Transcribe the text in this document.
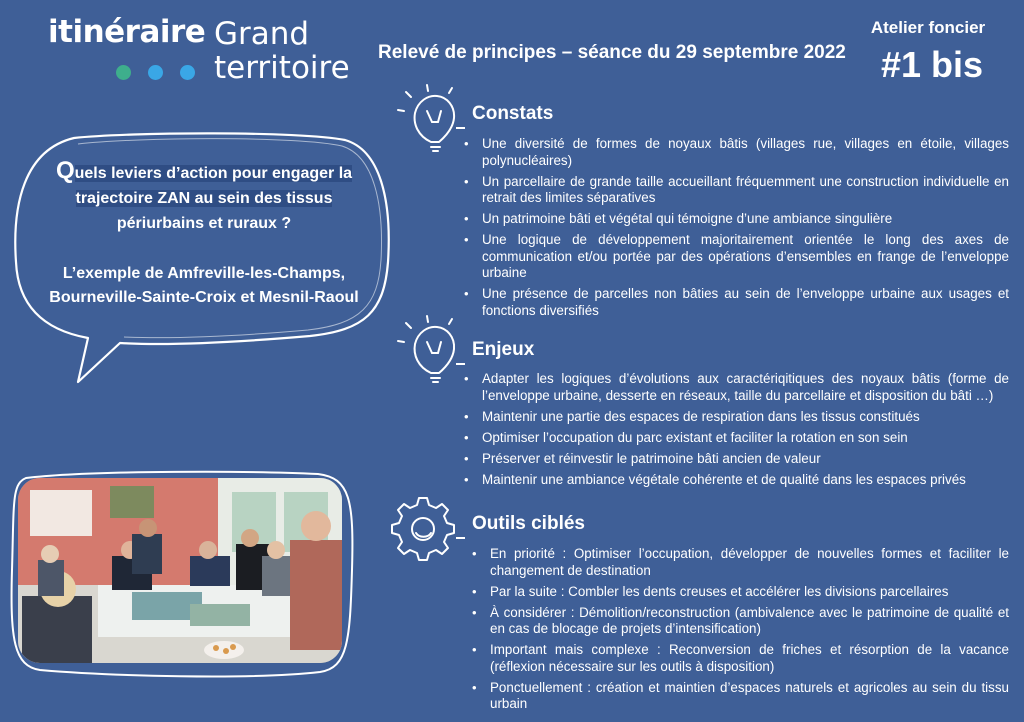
itinéraire Grand
territoire Relevé de principes – séance du 29 septembre 2022
Atelier foncier
#1 bis
Quels leviers d’action pour engager la
trajectoire ZAN au sein des tissus
périurbains et ruraux ?
L’exemple de Amfreville-les-Champs,
Bourneville-Sainte-Croix et Mesnil-Raoul
Constats
• Une diversité de formes de noyaux bâtis (villages rue, villages en étoile, villages polynucléaires)
• Un parcellaire de grande taille accueillant fréquemment une construction individuelle en retrait des limites séparatives
• Un patrimoine bâti et végétal qui témoigne d’une ambiance singulière
• Une logique de développement majoritairement orientée le long des axes de communication et/ou portée par des opérations d’ensembles en frange de l’enveloppe urbaine
• Une présence de parcelles non bâties au sein de l’enveloppe urbaine aux usages et fonctions diversifiés
Enjeux
• Adapter les logiques d’évolutions aux caractériqitiques des noyaux bâtis (forme de l’enveloppe urbaine, desserte en réseaux, taille du parcellaire et disposition du bâti …)
• Maintenir une partie des espaces de respiration dans les tissus constitués
• Optimiser l’occupation du parc existant et faciliter la rotation en son sein
• Préserver et réinvestir le patrimoine bâti ancien de valeur
• Maintenir une ambiance végétale cohérente et de qualité dans les espaces privés
Outils ciblés
• En priorité : Optimiser l’occupation, développer de nouvelles formes et faciliter le changement de destination
• Par la suite : Combler les dents creuses et accélérer les divisions parcellaires
• À considérer : Démolition/reconstruction (ambivalence avec le patrimoine de qualité et en cas de blocage de projets d’intensification)
• Important mais complexe : Reconversion de friches et résorption de la vacance (réflexion nécessaire sur les outils à disposition)
• Ponctuellement : création et maintien d’espaces naturels et agricoles au sein du tissu urbain
